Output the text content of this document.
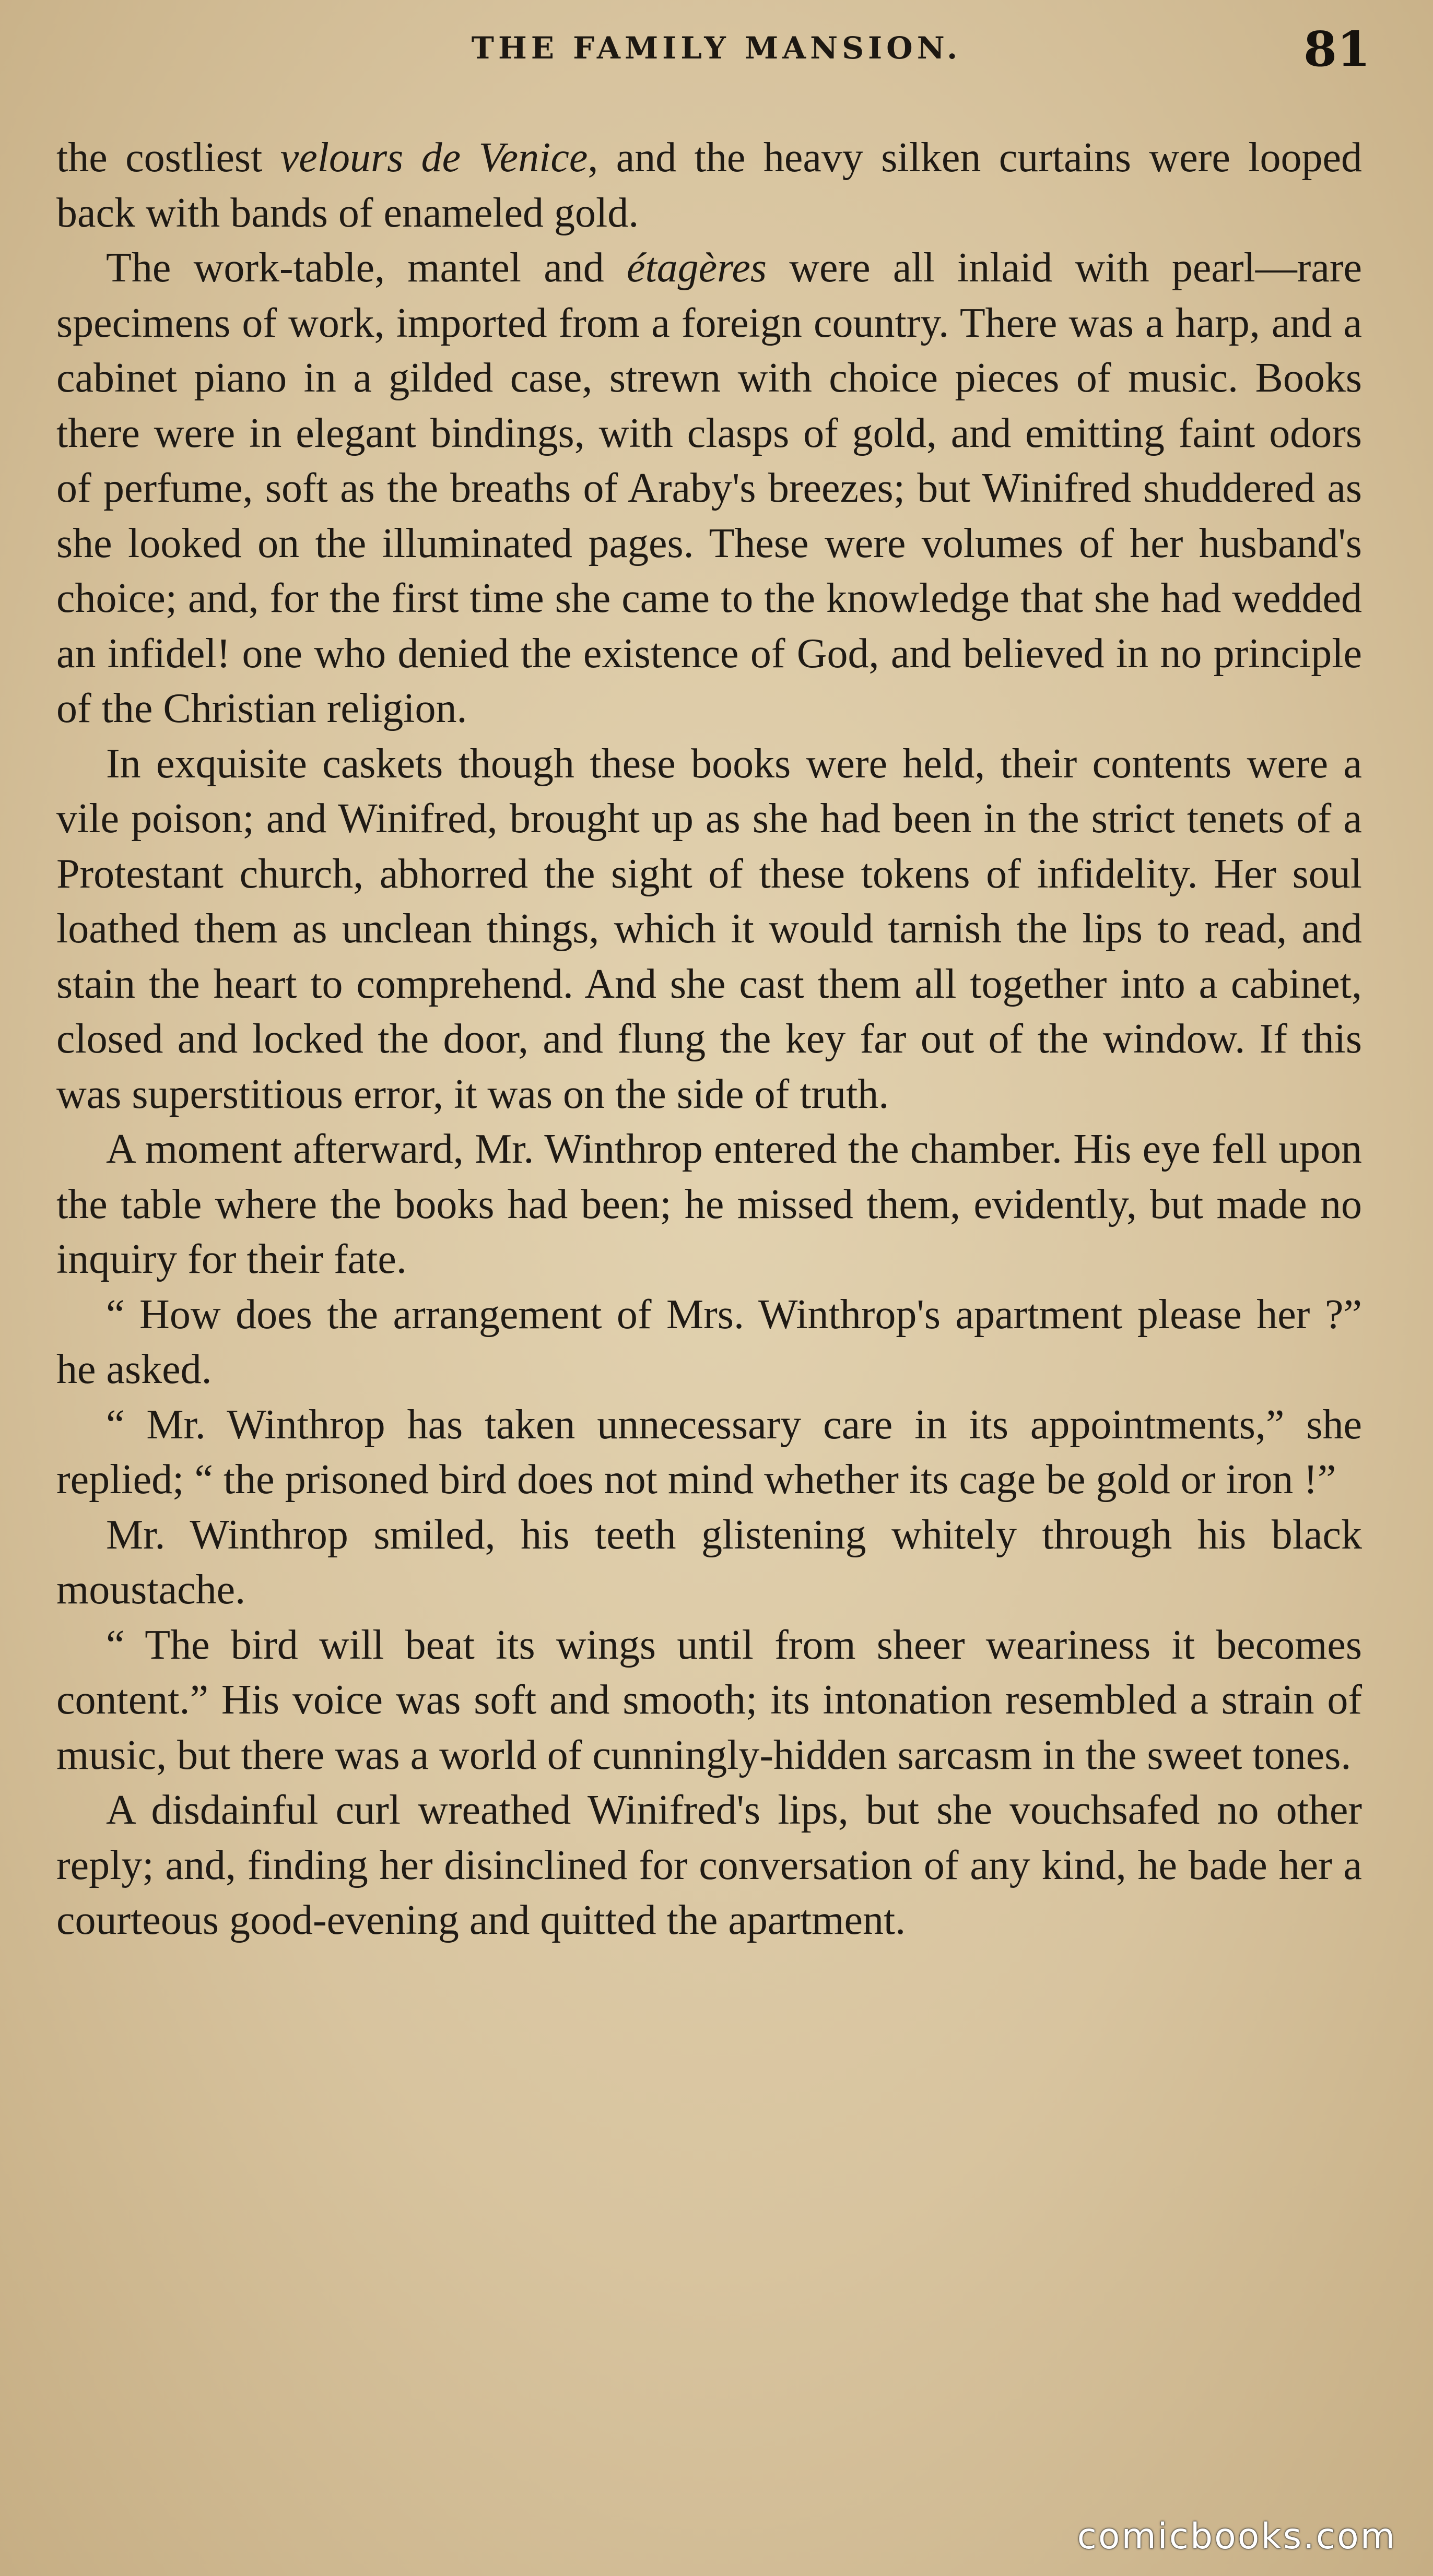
THE FAMILY MANSION.	81

the costliest velours de Venice, and the heavy silken curtains were looped back with bands of enameled gold.

The work-table, mantel and étagères were all inlaid with pearl—rare specimens of work, imported from a foreign country. There was a harp, and a cabinet piano in a gilded case, strewn with choice pieces of music. Books there were in elegant bindings, with clasps of gold, and emitting faint odors of perfume, soft as the breaths of Araby's breezes; but Winifred shuddered as she looked on the illuminated pages. These were volumes of her husband's choice; and, for the first time she came to the knowledge that she had wedded an infidel! one who denied the existence of God, and believed in no principle of the Christian religion.

In exquisite caskets though these books were held, their contents were a vile poison; and Winifred, brought up as she had been in the strict tenets of a Protestant church, abhorred the sight of these tokens of infidelity. Her soul loathed them as unclean things, which it would tarnish the lips to read, and stain the heart to comprehend. And she cast them all together into a cabinet, closed and locked the door, and flung the key far out of the window. If this was superstitious error, it was on the side of truth.

A moment afterward, Mr. Winthrop entered the chamber. His eye fell upon the table where the books had been; he missed them, evidently, but made no inquiry for their fate.

“ How does the arrangement of Mrs. Winthrop's apartment please her ?” he asked.

“ Mr. Winthrop has taken unnecessary care in its appointments,” she replied; “ the prisoned bird does not mind whether its cage be gold or iron !”

Mr. Winthrop smiled, his teeth glistening whitely through his black moustache.

“ The bird will beat its wings until from sheer weariness it becomes content.” His voice was soft and smooth; its intonation resembled a strain of music, but there was a world of cunningly-hidden sarcasm in the sweet tones.

A disdainful curl wreathed Winifred's lips, but she vouchsafed no other reply; and, finding her disinclined for conversation of any kind, he bade her a courteous good-evening and quitted the apartment.

comicbooks.com
